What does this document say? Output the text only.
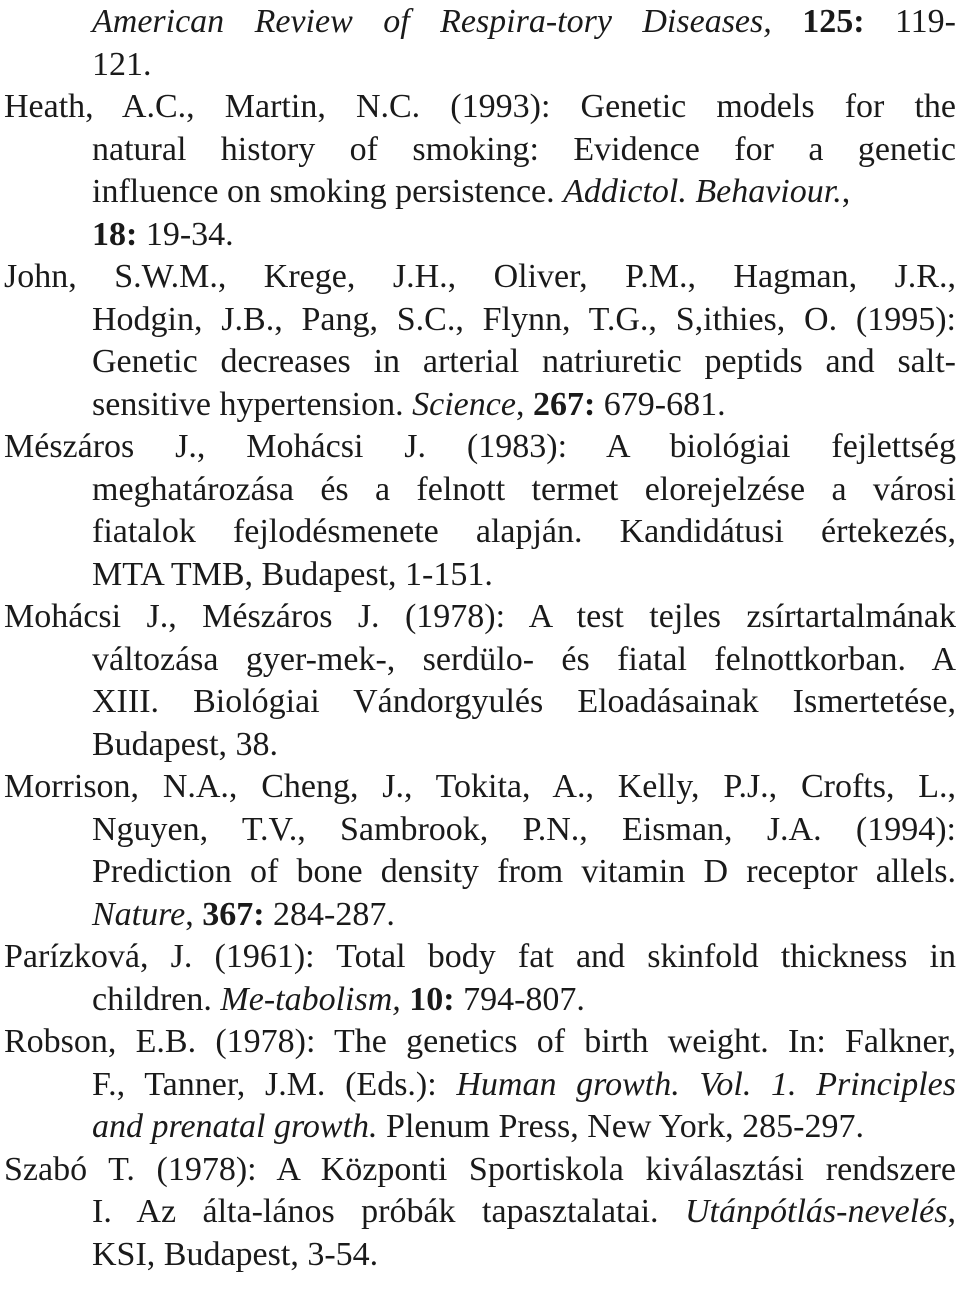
American Review of Respira-tory Diseases, 125: 119-
121.
Heath, A.C., Martin, N.C. (1993): Genetic models for the
natural history of smoking: Evidence for a genetic
influence on smoking persistence. Addictol. Behaviour.,
18: 19-34.
John, S.W.M., Krege, J.H., Oliver, P.M., Hagman, J.R.,
Hodgin, J.B., Pang, S.C., Flynn, T.G., S,ithies, O. (1995):
Genetic decreases in arterial natriuretic peptids and salt-
sensitive hypertension. Science, 267: 679-681.
Mészáros J., Mohácsi J. (1983): A biológiai fejlettség
meghatározása és a felnott termet elorejelzése a városi
fiatalok fejlodésmenete alapján. Kandidátusi értekezés,
MTA TMB, Budapest, 1-151.
Mohácsi J., Mészáros J. (1978): A test tejles zsírtartalmának
változása gyer-mek-, serdülo- és fiatal felnottkorban. A
XIII. Biológiai Vándorgyulés Eloadásainak Ismertetése,
Budapest, 38.
Morrison, N.A., Cheng, J., Tokita, A., Kelly, P.J., Crofts, L.,
Nguyen, T.V., Sambrook, P.N., Eisman, J.A. (1994):
Prediction of bone density from vitamin D receptor allels.
Nature, 367: 284-287.
Parízková, J. (1961): Total body fat and skinfold thickness in
children. Me-tabolism, 10: 794-807.
Robson, E.B. (1978): The genetics of birth weight. In: Falkner,
F., Tanner, J.M. (Eds.): Human growth. Vol. 1. Principles
and prenatal growth. Plenum Press, New York, 285-297.
Szabó T. (1978): A Központi Sportiskola kiválasztási rendszere
I. Az álta-lános próbák tapasztalatai. Utánpótlás-nevelés,
KSI, Budapest, 3-54.
